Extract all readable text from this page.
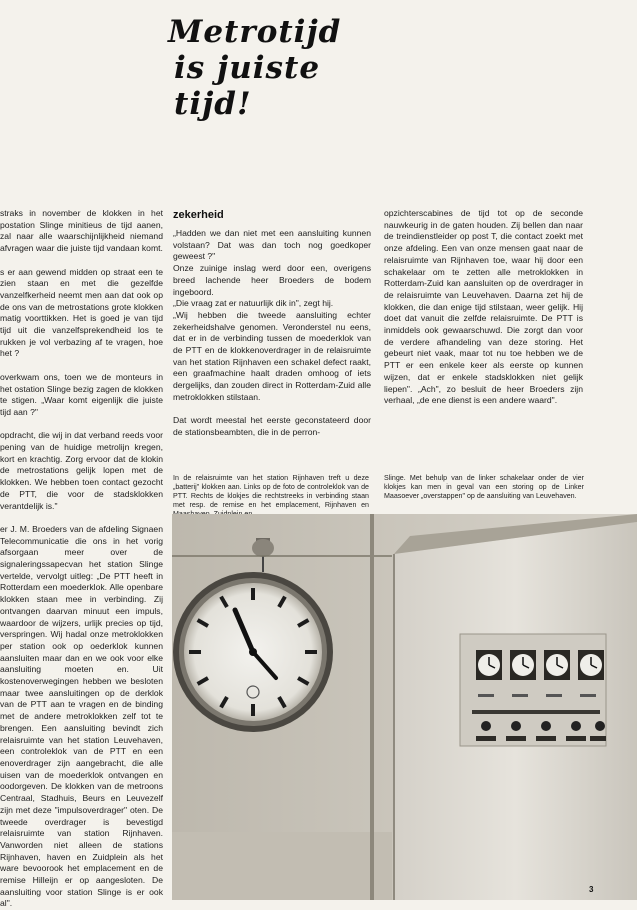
Metrotijd
is juiste
tijd!

straks in november de klokken in het postation Slinge minitieus de tijd aanen, zal naar alle waarschijnlijkheid niemand afvragen waar die juiste tijd vandaan komt.

s er aan gewend midden op straat een te zien staan en met die gezelfde vanzelfkerheid neemt men aan dat ook op de ons van de metrostations grote klokken matig voorttikken. Het is goed je van tijd tijd uit die vanzelfsprekendheid los te rukken je vol verbazing af te vragen, hoe het ?

overkwam ons, toen we de monteurs in het ostation Slinge bezig zagen de klokken te stigen. „Waar komt eigenlijk die juiste tijd aan ?"

opdracht, die wij in dat verband reeds voor pening van de huidige metrolijn kregen, kort en krachtig. Zorg ervoor dat de klokin de metrostations gelijk lopen met de klokken. We hebben toen contact gezocht de PTT, die voor de stadsklokken verantdelijk is."

er J. M. Broeders van de afdeling Signaen Telecommunicatie die ons in het vorig afsorgaan meer over de signaleringssapecvan het station Slinge vertelde, vervolgt uitleg: „De PTT heeft in Rotterdam een moederklok. Alle openbare klokken staan mee in verbinding. Zij ontvangen daarvan minuut een impuls, waardoor de wijzers, urlijk precies op tijd, verspringen. Wij hadal onze metroklokken per station ook op oederklok kunnen aansluiten maar dan en we ook voor elke aansluiting moeten en. Uit kostenoverwegingen hebben we besloten maar twee aansluitingen op de derklok van de PTT aan te vragen en de binding met de andere metroklokken zelf tot te brengen. Een aansluiting bevindt zich relaisruimte van het station Leuvehaven, een controleklok van de PTT en een enoverdrager zijn aangebracht, die alle uisen van de moederklok ontvangen en oodorgeven. De klokken van de metroons Centraal, Stadhuis, Beurs en Leuvezelf zijn met deze "impulsoverdrager" oten. De tweede overdrager is bevestigd relaisruimte van station Rijnhaven. Vanworden niet alleen de stations Rijnhaven, haven en Zuidplein als het ware bevoorook het emplacement en de remise Hilleijn er op aangesloten. De aansluiting voor station Slinge is er ook al".

zekerheid

„Hadden we dan niet met een aansluiting kunnen volstaan? Dat was dan toch nog goedkoper geweest ?"

Onze zuinige inslag werd door een, overigens breed lachende heer Broeders de bodem ingeboord.

„Die vraag zat er natuurlijk dik in", zegt hij.

„Wij hebben die tweede aansluiting echter zekerheidshalve genomen. Veronderstel nu eens, dat er in de verbinding tussen de moederklok van de PTT en de klokkenoverdrager in de relaisruimte van het station Rijnhaven een schakel defect raakt, een graafmachine haalt draden omhoog of iets dergelijks, dan zouden direct in Rotterdam-Zuid alle metroklokken stilstaan.

Dat wordt meestal het eerste geconstateerd door de stationsbeambten, die in de perron-

opzichterscabines de tijd tot op de seconde nauwkeurig in de gaten houden. Zij bellen dan naar de treindienstleider op post T, die contact zoekt met onze afdeling. Een van onze mensen gaat naar de relaisruimte van Rijnhaven toe, waar hij door een schakelaar om te zetten alle metroklokken in Rotterdam-Zuid kan aansluiten op de overdrager in de relaisruimte van Leuvehaven. Daarna zet hij de klokken, die dan enige tijd stilstaan, weer gelijk. Hij doet dat vanuit die zelfde relaisruimte. De PTT is inmiddels ook gewaarschuwd. Die zorgt dan voor de verdere afhandeling van deze storing. Het gebeurt niet vaak, maar tot nu toe hebben we de PTT er een enkele keer als eerste op kunnen wijzen, dat er enkele stadsklokken niet gelijk liepen". „Ach", zo besluit de heer Broeders zijn verhaal, „de ene dienst is een andere waard".

In de relaisruimte van het station Rijnhaven treft u deze „batterij" klokken aan. Links op de foto de controleklok van de PTT. Rechts de klokjes die rechtstreeks in verbinding staan met resp. de remise en het emplacement, Rijnhaven en
Slinge. Met behulp van de linker schakelaar onder de vier klokjes kan men in geval van een storing op de Linker Maasoever „overstappen" op de aansluiting van Leuvehaven.
3
